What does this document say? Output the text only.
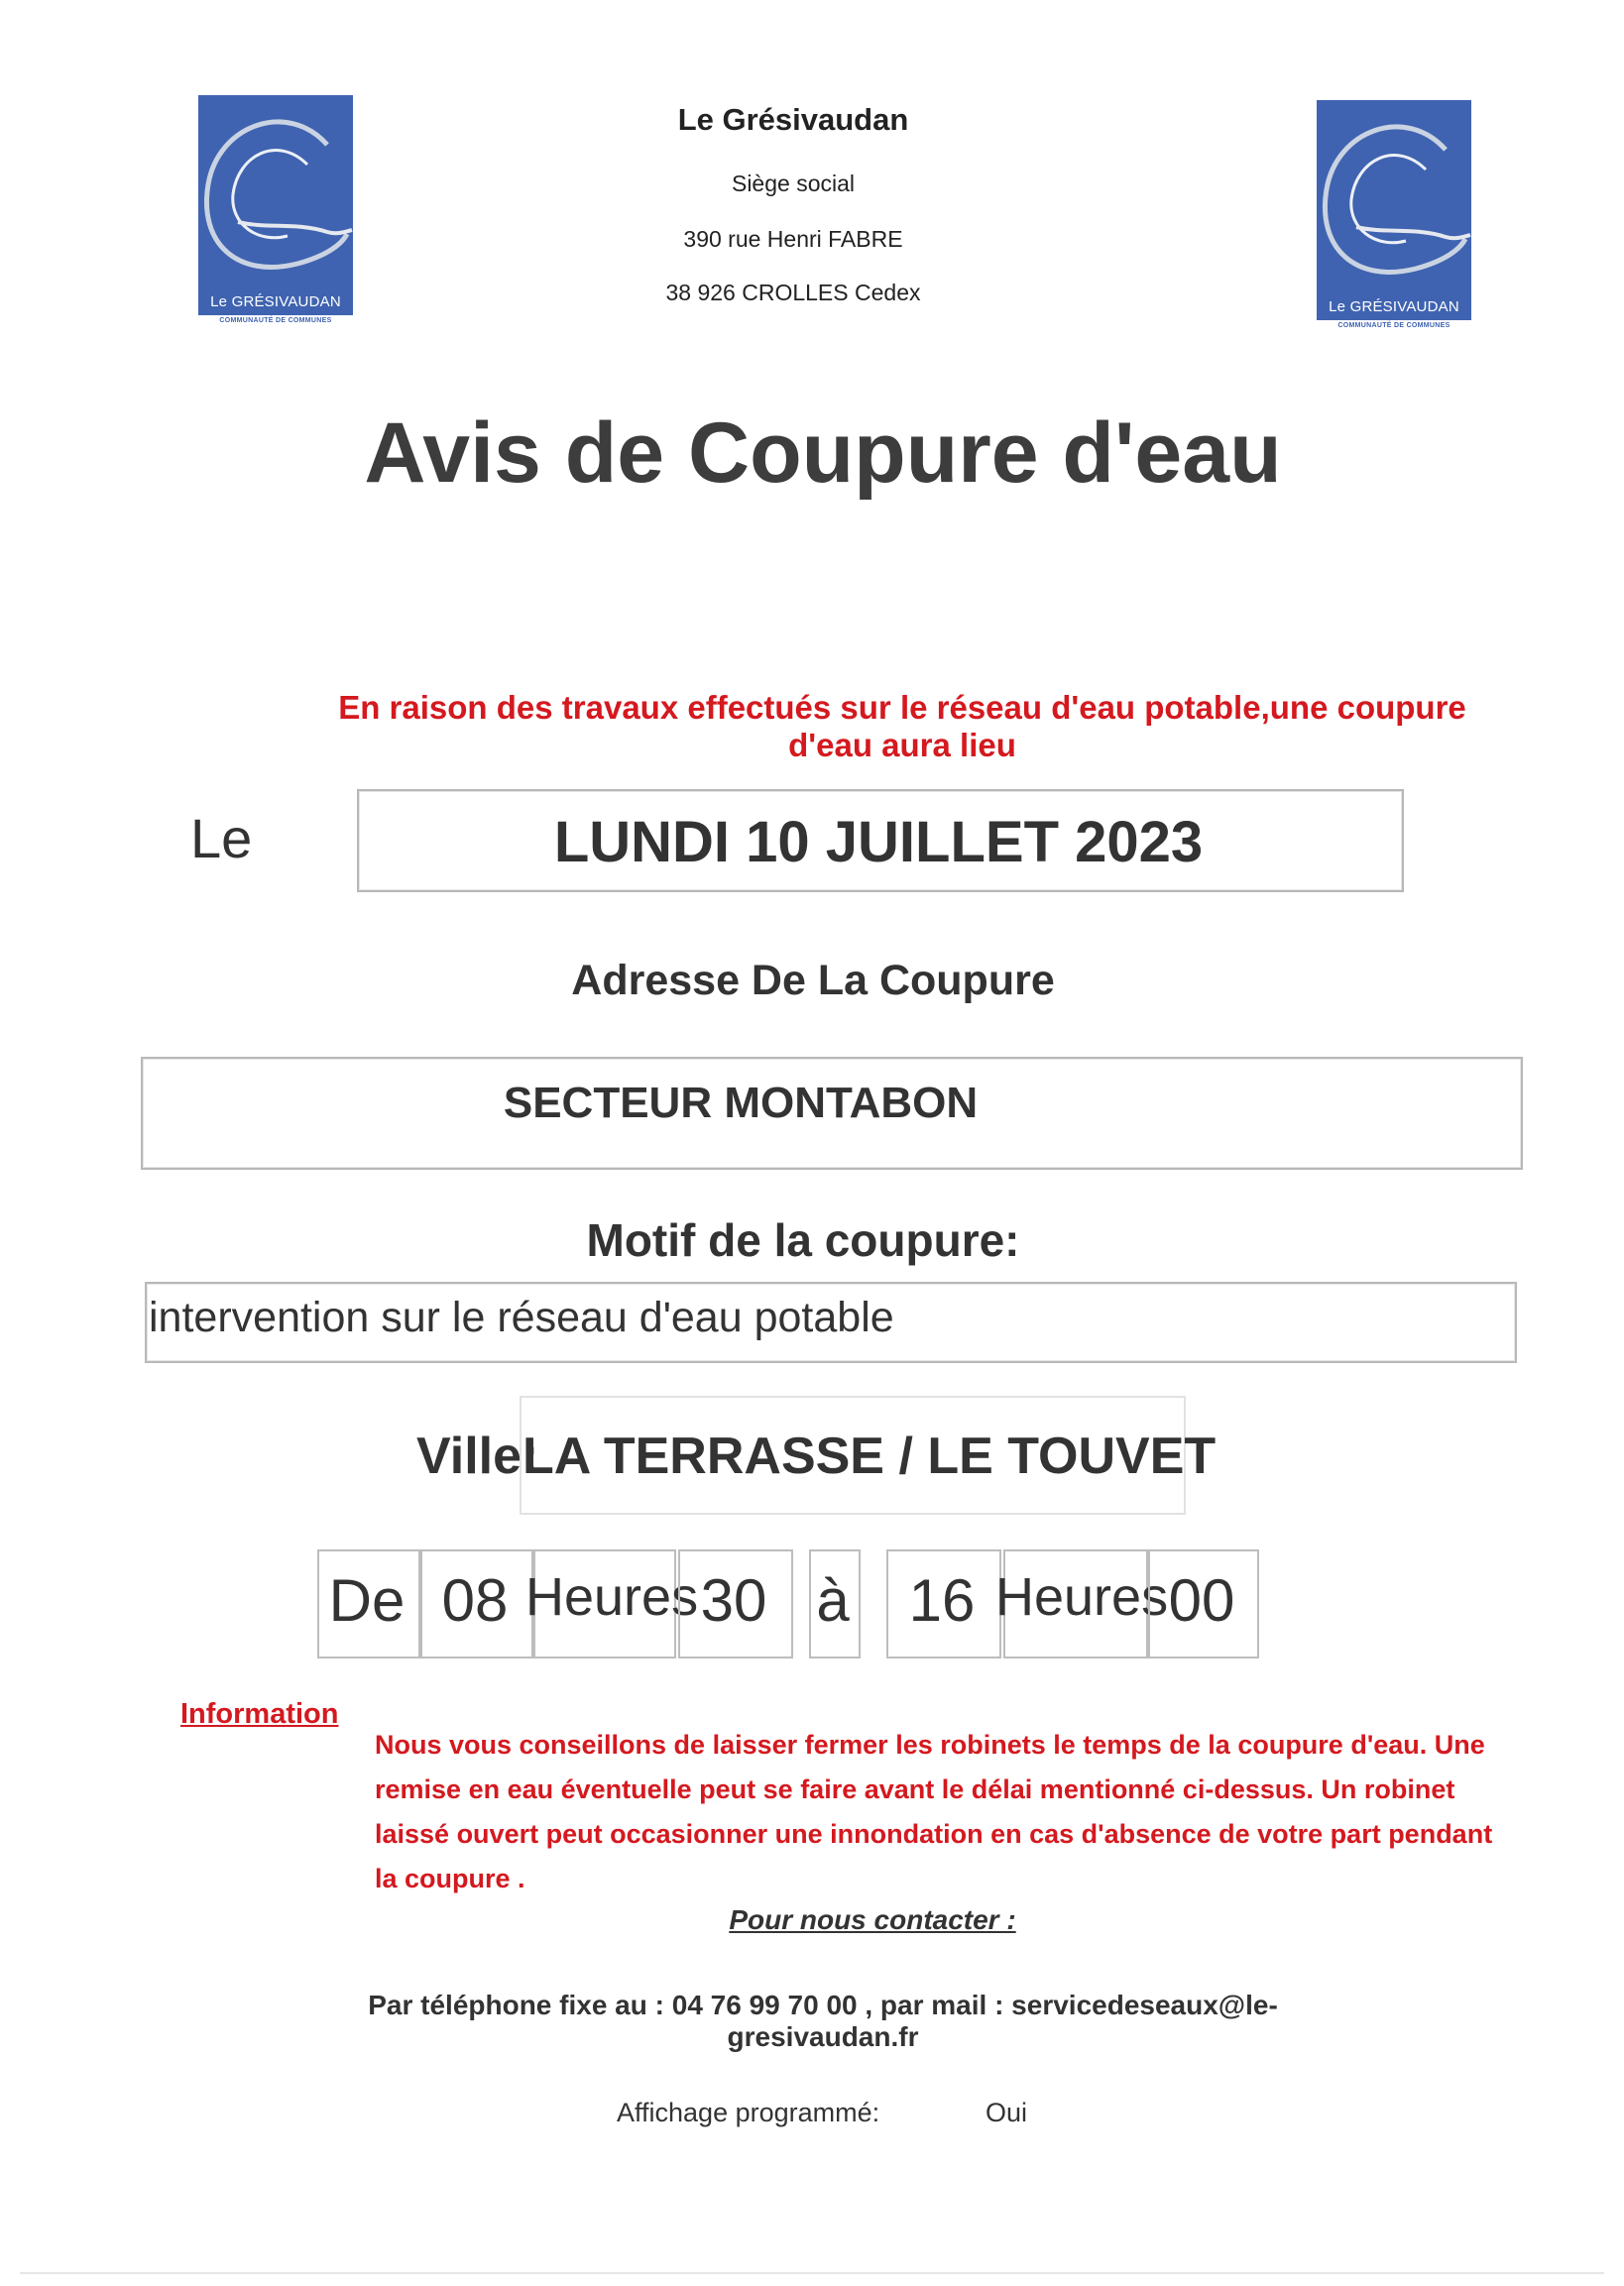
Le GRÉSIVAUDAN
COMMUNAUTÉ DE COMMUNES
Le GRÉSIVAUDAN
COMMUNAUTÉ DE COMMUNES
Le Grésivaudan
Siège social
390 rue Henri FABRE
38 926 CROLLES Cedex
Avis de Coupure d'eau
En raison des travaux effectués sur le réseau d'eau potable,une coupure d'eau aura lieu
Le	LUNDI 10 JUILLET 2023
Adresse De La Coupure
SECTEUR MONTABON
Motif de la coupure:
intervention sur le réseau d'eau potable
Ville:
LA TERRASSE / LE TOUVET
De 08 Heures 30 à 16 Heures 00
Information
Nous vous conseillons de laisser fermer les robinets le temps de la coupure d'eau. Une remise en eau éventuelle peut se faire avant le délai mentionné ci-dessus. Un robinet laissé ouvert peut occasionner une innondation en cas d'absence de votre part pendant la coupure .
Pour nous contacter :
Par téléphone fixe au : 04 76 99 70 00 , par mail : servicedeseaux@le-gresivaudan.fr
Affichage programmé:	Oui
